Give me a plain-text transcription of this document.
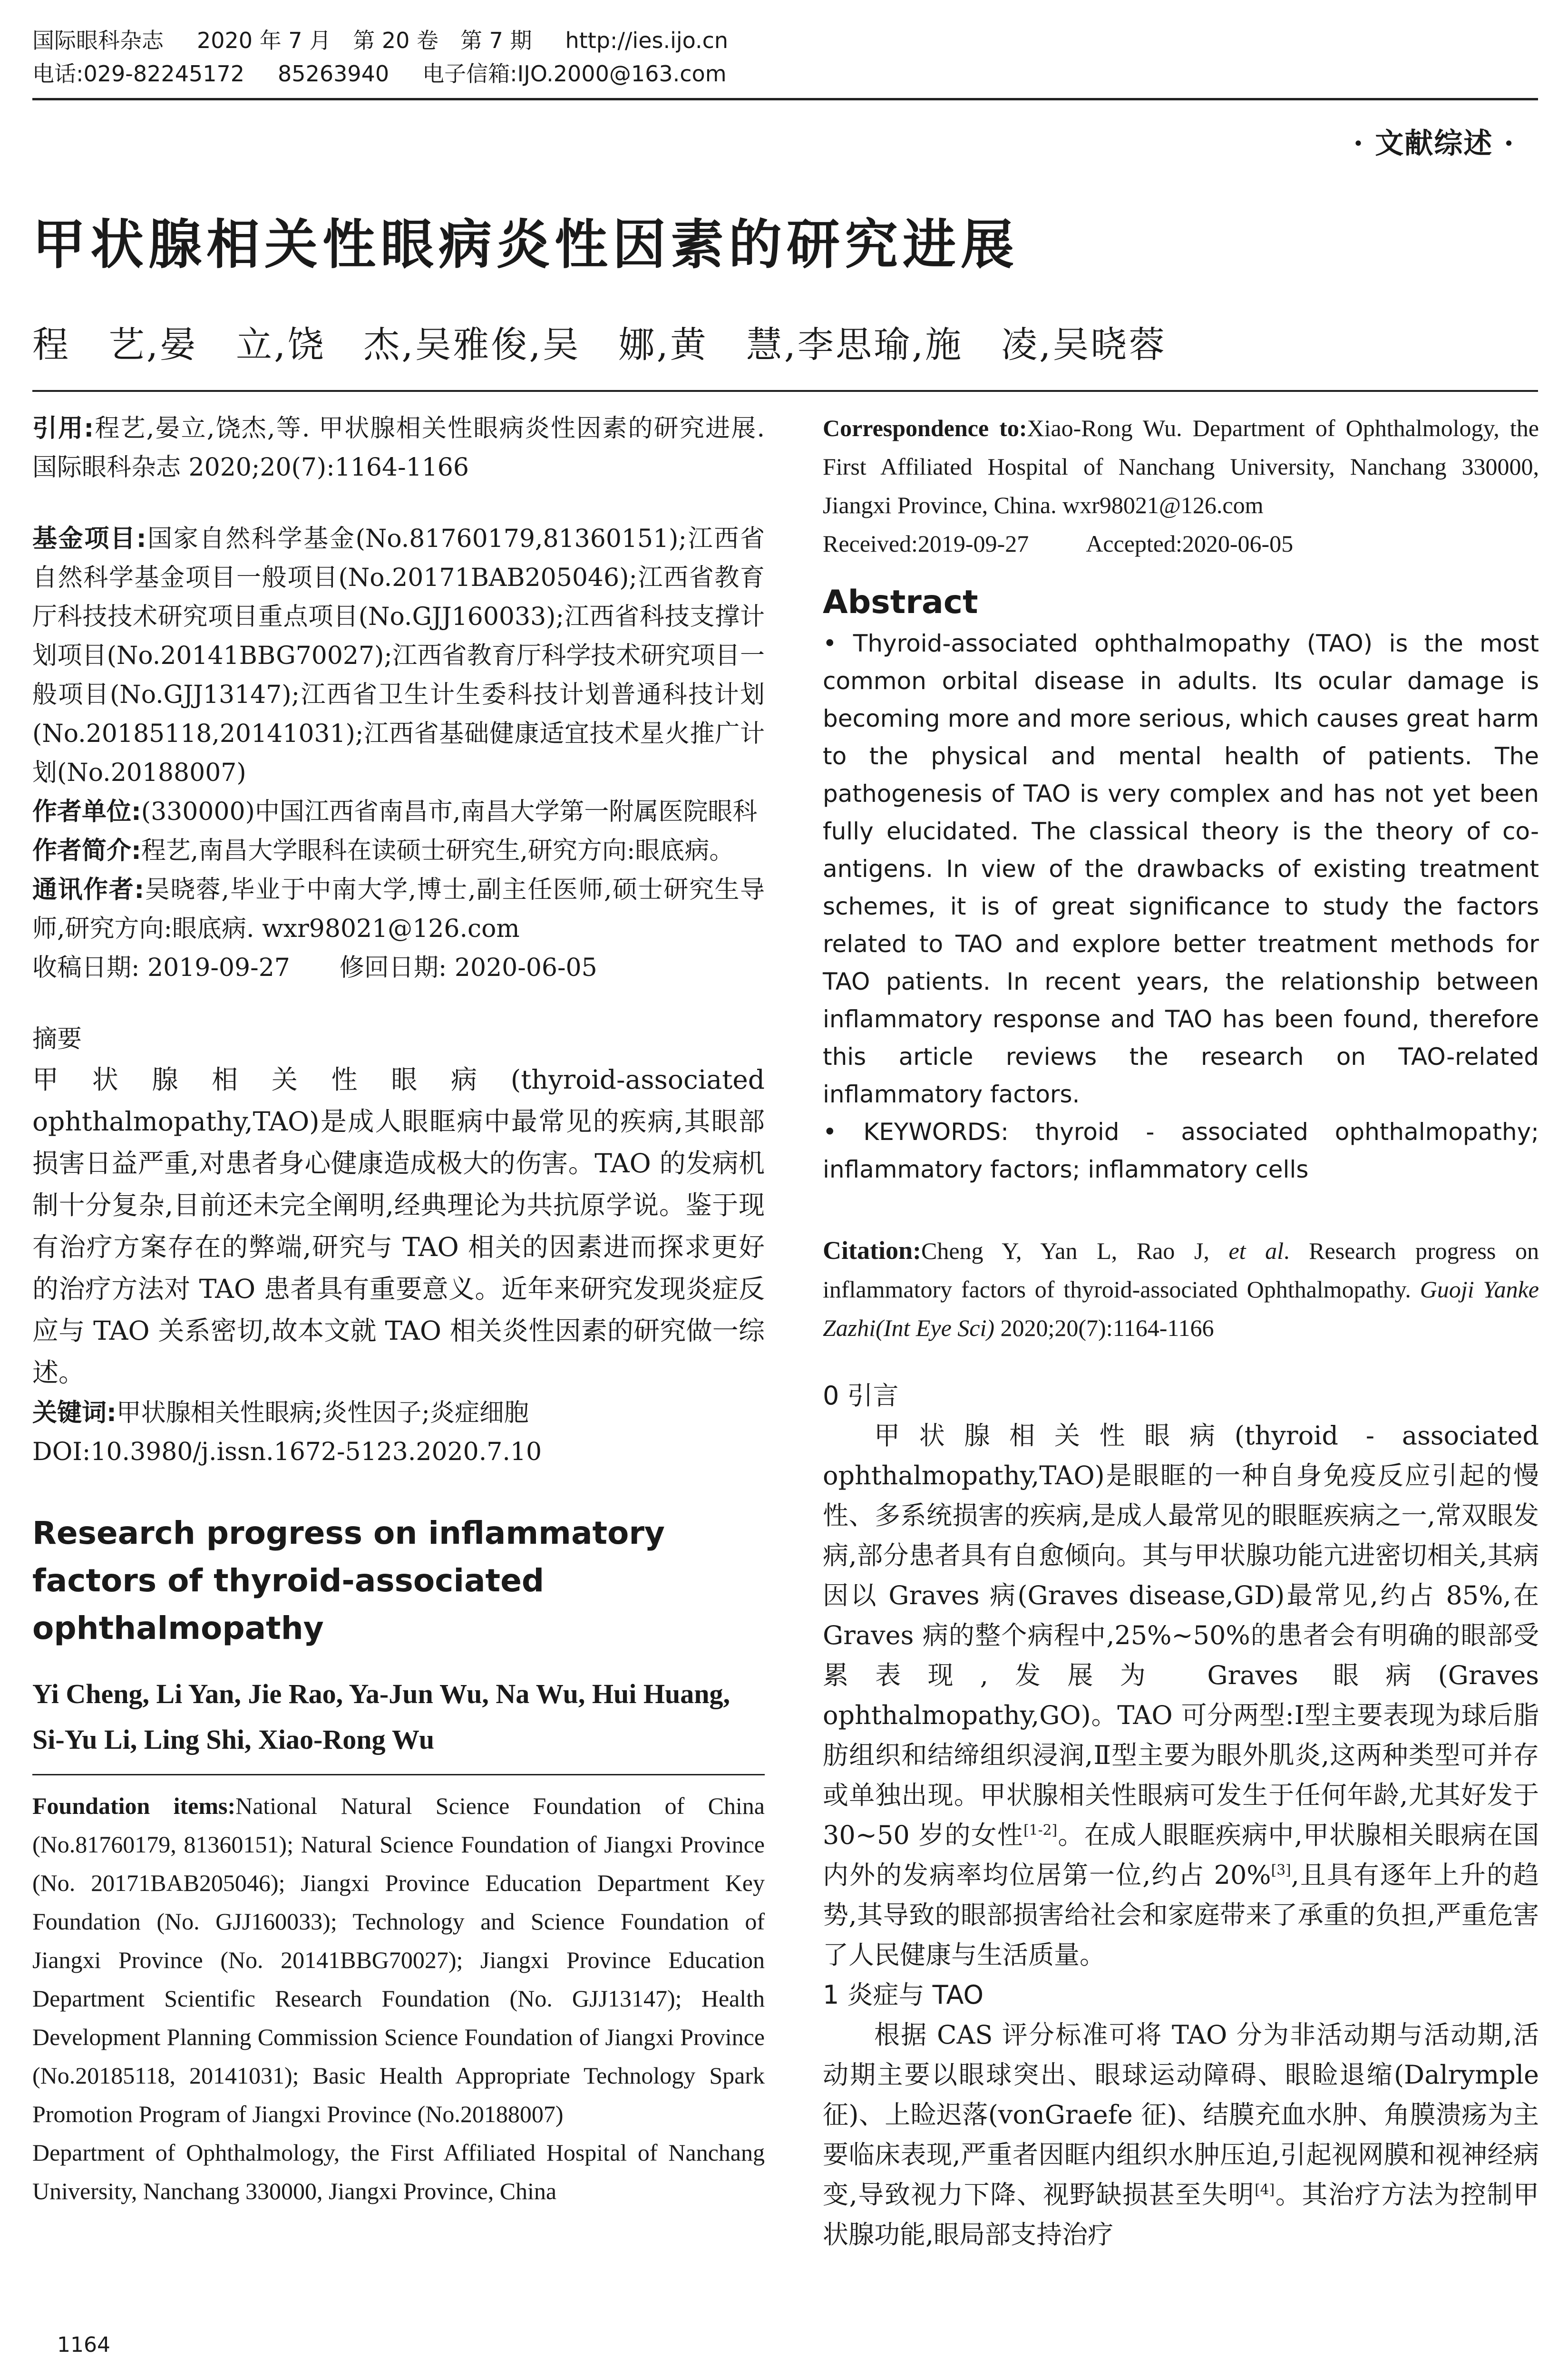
国际眼科杂志 2020 年 7 月　第 20 卷　第 7 期 http://ies.ijo.cn
电话:029-82245172 85263940 电子信箱:IJO.2000@163.com
· 文献综述 ·
甲状腺相关性眼病炎性因素的研究进展
程　艺,晏　立,饶　杰,吴雅俊,吴　娜,黄　慧,李思瑜,施　凌,吴晓蓉

引用:程艺,晏立,饶杰,等. 甲状腺相关性眼病炎性因素的研究进展. 国际眼科杂志 2020;20(7):1164-1166

基金项目:国家自然科学基金(No.81760179,81360151);江西省自然科学基金项目一般项目(No.20171BAB205046);江西省教育厅科技技术研究项目重点项目(No.GJJ160033);江西省科技支撑计划项目(No.20141BBG70027);江西省教育厅科学技术研究项目一般项目(No.GJJ13147);江西省卫生计生委科技计划普通科技计划(No.20185118,20141031);江西省基础健康适宜技术星火推广计划(No.20188007)

作者单位:(330000)中国江西省南昌市,南昌大学第一附属医院眼科

作者简介:程艺,南昌大学眼科在读硕士研究生,研究方向:眼底病。

通讯作者:吴晓蓉,毕业于中南大学,博士,副主任医师,硕士研究生导师,研究方向:眼底病. wxr98021@126.com

收稿日期: 2019-09-27　　修回日期: 2020-06-05

摘要

甲状腺相关性眼病(thyroid-associated ophthalmopathy,TAO)是成人眼眶病中最常见的疾病,其眼部损害日益严重,对患者身心健康造成极大的伤害。TAO 的发病机制十分复杂,目前还未完全阐明,经典理论为共抗原学说。鉴于现有治疗方案存在的弊端,研究与 TAO 相关的因素进而探求更好的治疗方法对 TAO 患者具有重要意义。近年来研究发现炎症反应与 TAO 关系密切,故本文就 TAO 相关炎性因素的研究做一综述。

关键词:甲状腺相关性眼病;炎性因子;炎症细胞

DOI:10.3980/j.issn.1672-5123.2020.7.10

Research progress on inflammatory factors of thyroid-associated ophthalmopathy

Yi Cheng, Li Yan, Jie Rao, Ya-Jun Wu, Na Wu, Hui Huang, Si-Yu Li, Ling Shi, Xiao-Rong Wu

Foundation items:National Natural Science Foundation of China (No.81760179, 81360151); Natural Science Foundation of Jiangxi Province (No. 20171BAB205046); Jiangxi Province Education Department Key Foundation (No. GJJ160033); Technology and Science Foundation of Jiangxi Province (No. 20141BBG70027); Jiangxi Province Education Department Scientific Research Foundation (No. GJJ13147); Health Development Planning Commission Science Foundation of Jiangxi Province (No.20185118, 20141031); Basic Health Appropriate Technology Spark Promotion Program of Jiangxi Province (No.20188007)

Department of Ophthalmology, the First Affiliated Hospital of Nanchang University, Nanchang 330000, Jiangxi Province, China

Correspondence to:Xiao-Rong Wu. Department of Ophthalmology, the First Affiliated Hospital of Nanchang University, Nanchang 330000, Jiangxi Province, China. wxr98021@126.com

Received:2019-09-27 Accepted:2020-06-05

Abstract

• Thyroid-associated ophthalmopathy (TAO) is the most common orbital disease in adults. Its ocular damage is becoming more and more serious, which causes great harm to the physical and mental health of patients. The pathogenesis of TAO is very complex and has not yet been fully elucidated. The classical theory is the theory of co-antigens. In view of the drawbacks of existing treatment schemes, it is of great significance to study the factors related to TAO and explore better treatment methods for TAO patients. In recent years, the relationship between inflammatory response and TAO has been found, therefore this article reviews the research on TAO-related inflammatory factors.

• KEYWORDS: thyroid - associated ophthalmopathy; inflammatory factors; inflammatory cells

Citation:Cheng Y, Yan L, Rao J, et al. Research progress on inflammatory factors of thyroid-associated Ophthalmopathy. Guoji Yanke Zazhi(Int Eye Sci) 2020;20(7):1164-1166

0 引言

甲状腺相关性眼病(thyroid - associated ophthalmopathy,TAO)是眼眶的一种自身免疫反应引起的慢性、多系统损害的疾病,是成人最常见的眼眶疾病之一,常双眼发病,部分患者具有自愈倾向。其与甲状腺功能亢进密切相关,其病因以 Graves 病(Graves disease,GD)最常见,约占 85%,在 Graves 病的整个病程中,25%~50%的患者会有明确的眼部受累表现,发展为 Graves 眼病(Graves ophthalmopathy,GO)。TAO 可分两型:Ⅰ型主要表现为球后脂肪组织和结缔组织浸润,Ⅱ型主要为眼外肌炎,这两种类型可并存或单独出现。甲状腺相关性眼病可发生于任何年龄,尤其好发于 30~50 岁的女性[1-2]。在成人眼眶疾病中,甲状腺相关眼病在国内外的发病率均位居第一位,约占 20%[3],且具有逐年上升的趋势,其导致的眼部损害给社会和家庭带来了承重的负担,严重危害了人民健康与生活质量。

1 炎症与 TAO

根据 CAS 评分标准可将 TAO 分为非活动期与活动期,活动期主要以眼球突出、眼球运动障碍、眼睑退缩(Dalrymple 征)、上睑迟落(vonGraefe 征)、结膜充血水肿、角膜溃疡为主要临床表现,严重者因眶内组织水肿压迫,引起视网膜和视神经病变,导致视力下降、视野缺损甚至失明[4]。其治疗方法为控制甲状腺功能,眼局部支持治疗

1164
